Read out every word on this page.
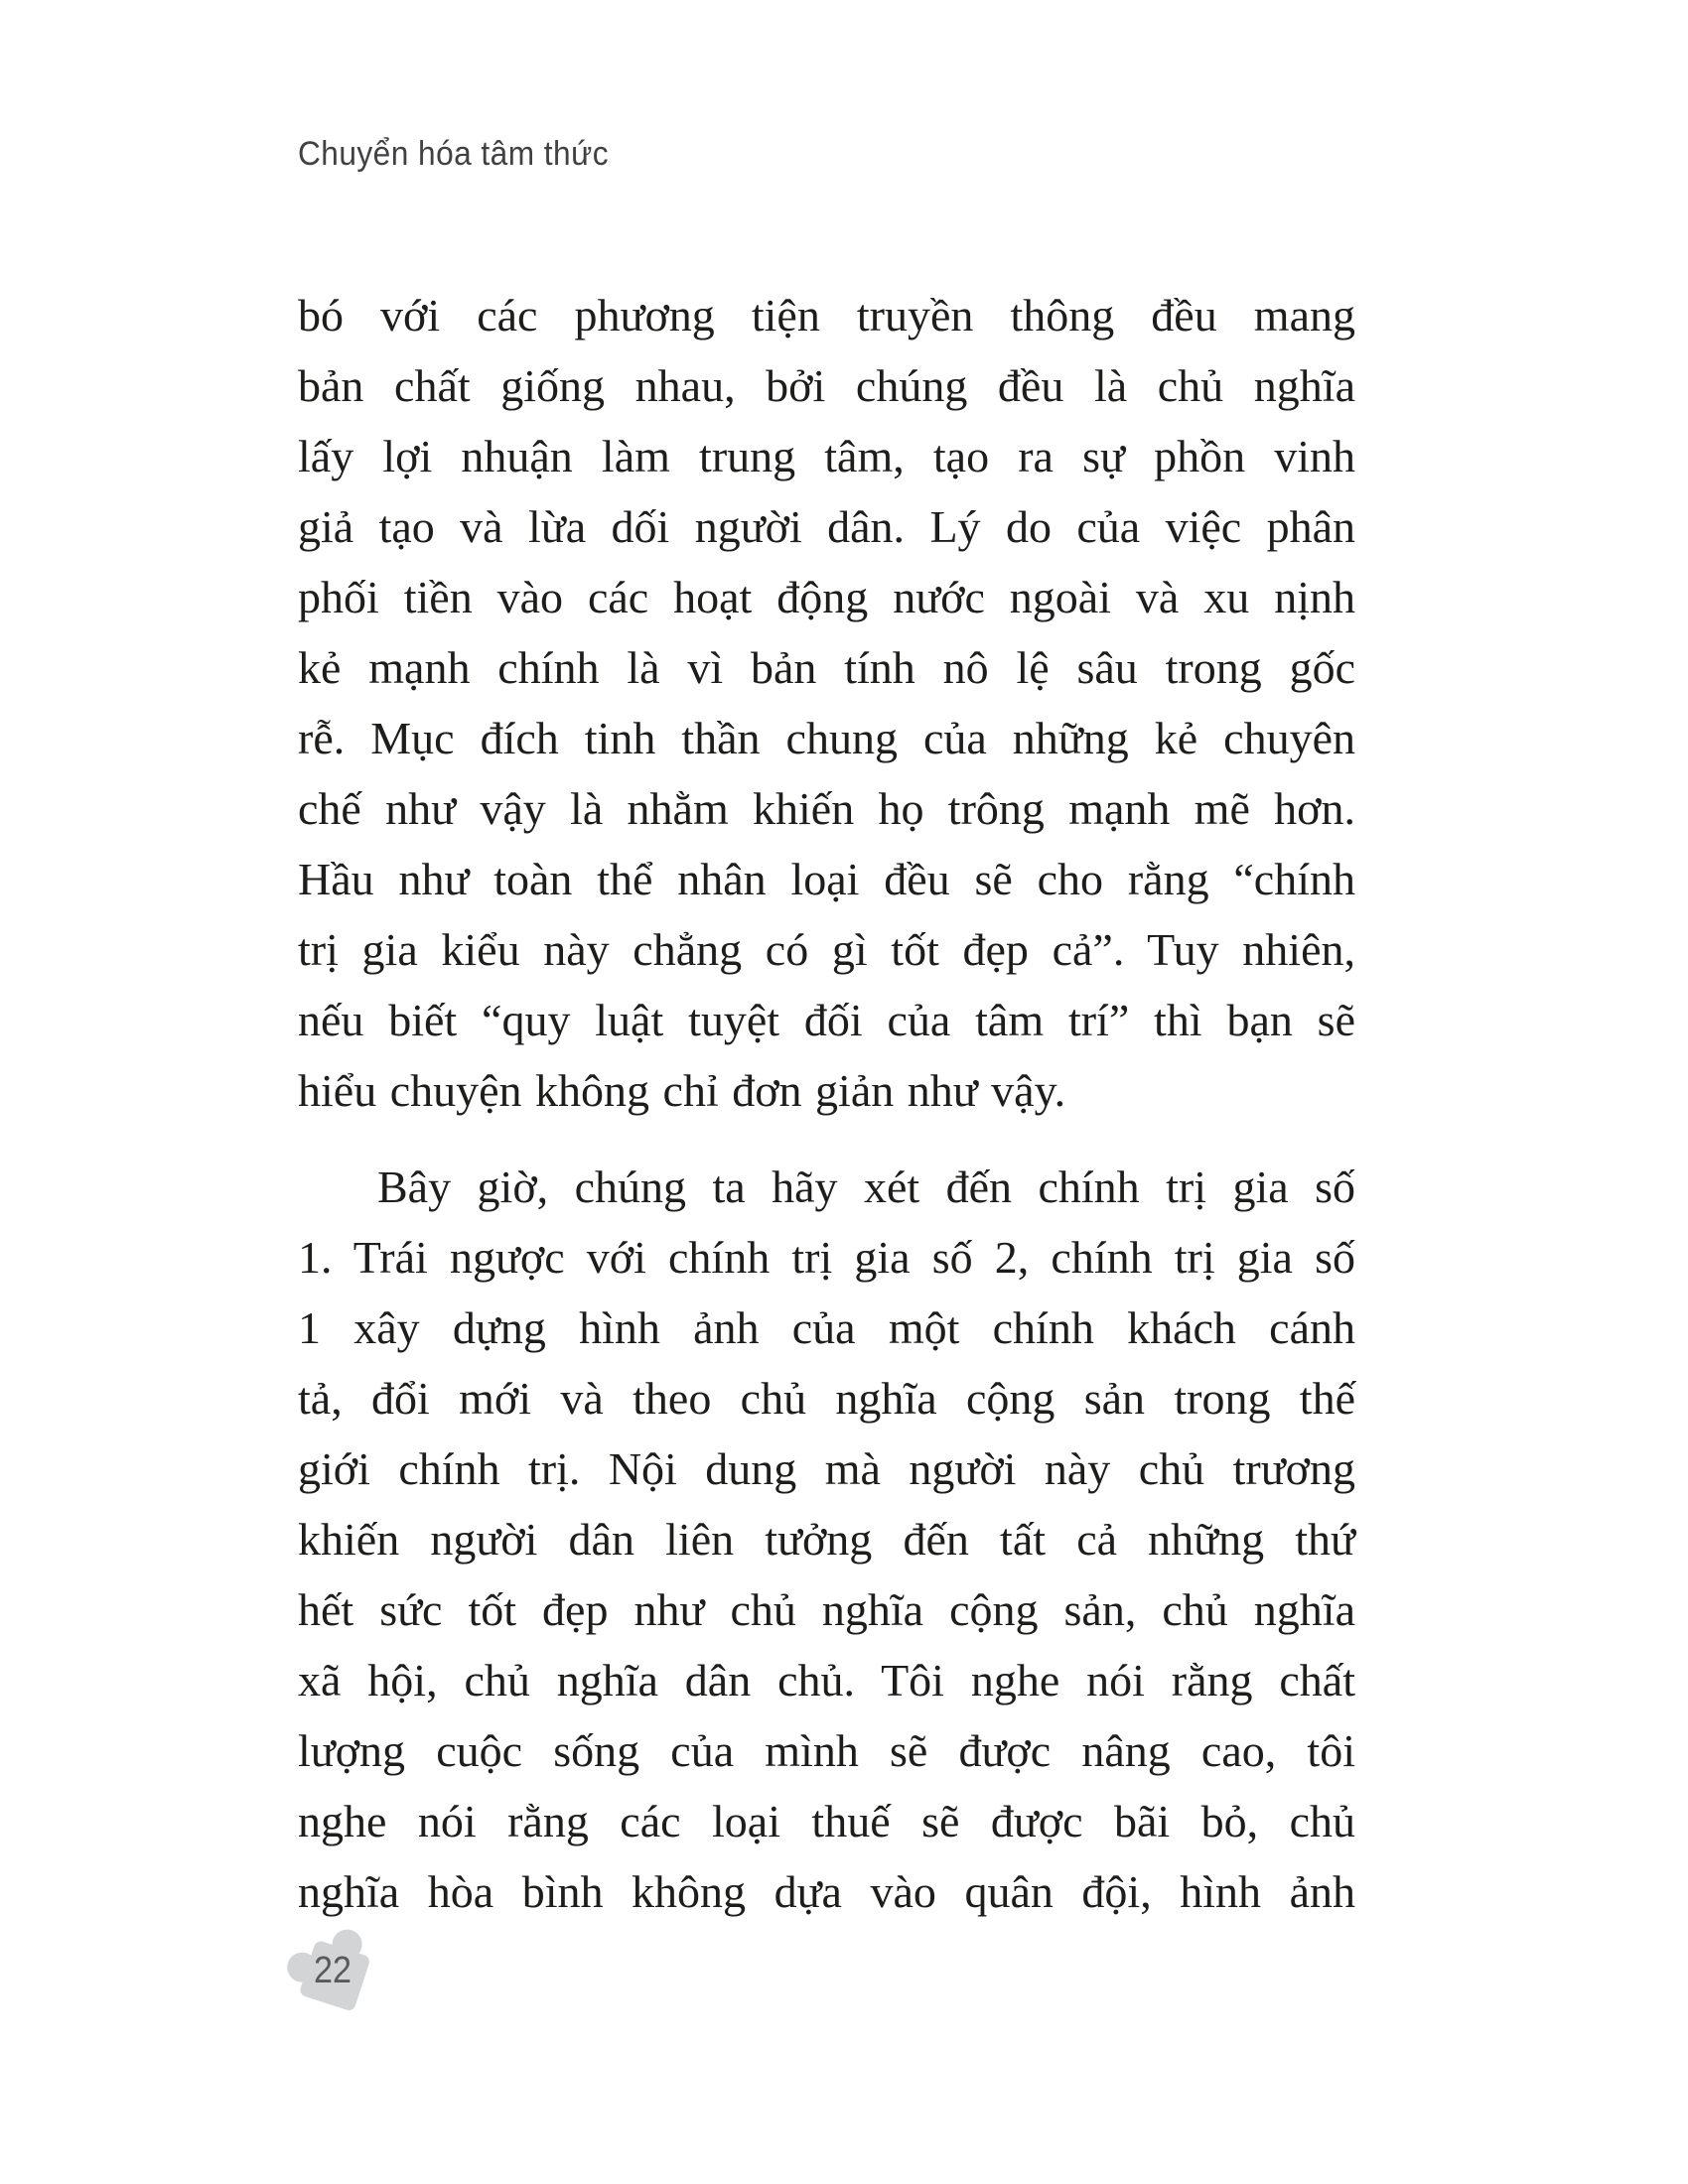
Chuyển hóa tâm thức
bó với các phương tiện truyền thông đều mang
bản chất giống nhau, bởi chúng đều là chủ nghĩa
lấy lợi nhuận làm trung tâm, tạo ra sự phồn vinh
giả tạo và lừa dối người dân. Lý do của việc phân
phối tiền vào các hoạt động nước ngoài và xu nịnh
kẻ mạnh chính là vì bản tính nô lệ sâu trong gốc
rễ. Mục đích tinh thần chung của những kẻ chuyên
chế như vậy là nhằm khiến họ trông mạnh mẽ hơn.
Hầu như toàn thể nhân loại đều sẽ cho rằng “chính
trị gia kiểu này chẳng có gì tốt đẹp cả”. Tuy nhiên,
nếu biết “quy luật tuyệt đối của tâm trí” thì bạn sẽ
hiểu chuyện không chỉ đơn giản như vậy.
Bây giờ, chúng ta hãy xét đến chính trị gia số
1. Trái ngược với chính trị gia số 2, chính trị gia số
1 xây dựng hình ảnh của một chính khách cánh
tả, đổi mới và theo chủ nghĩa cộng sản trong thế
giới chính trị. Nội dung mà người này chủ trương
khiến người dân liên tưởng đến tất cả những thứ
hết sức tốt đẹp như chủ nghĩa cộng sản, chủ nghĩa
xã hội, chủ nghĩa dân chủ. Tôi nghe nói rằng chất
lượng cuộc sống của mình sẽ được nâng cao, tôi
nghe nói rằng các loại thuế sẽ được bãi bỏ, chủ
nghĩa hòa bình không dựa vào quân đội, hình ảnh
22
